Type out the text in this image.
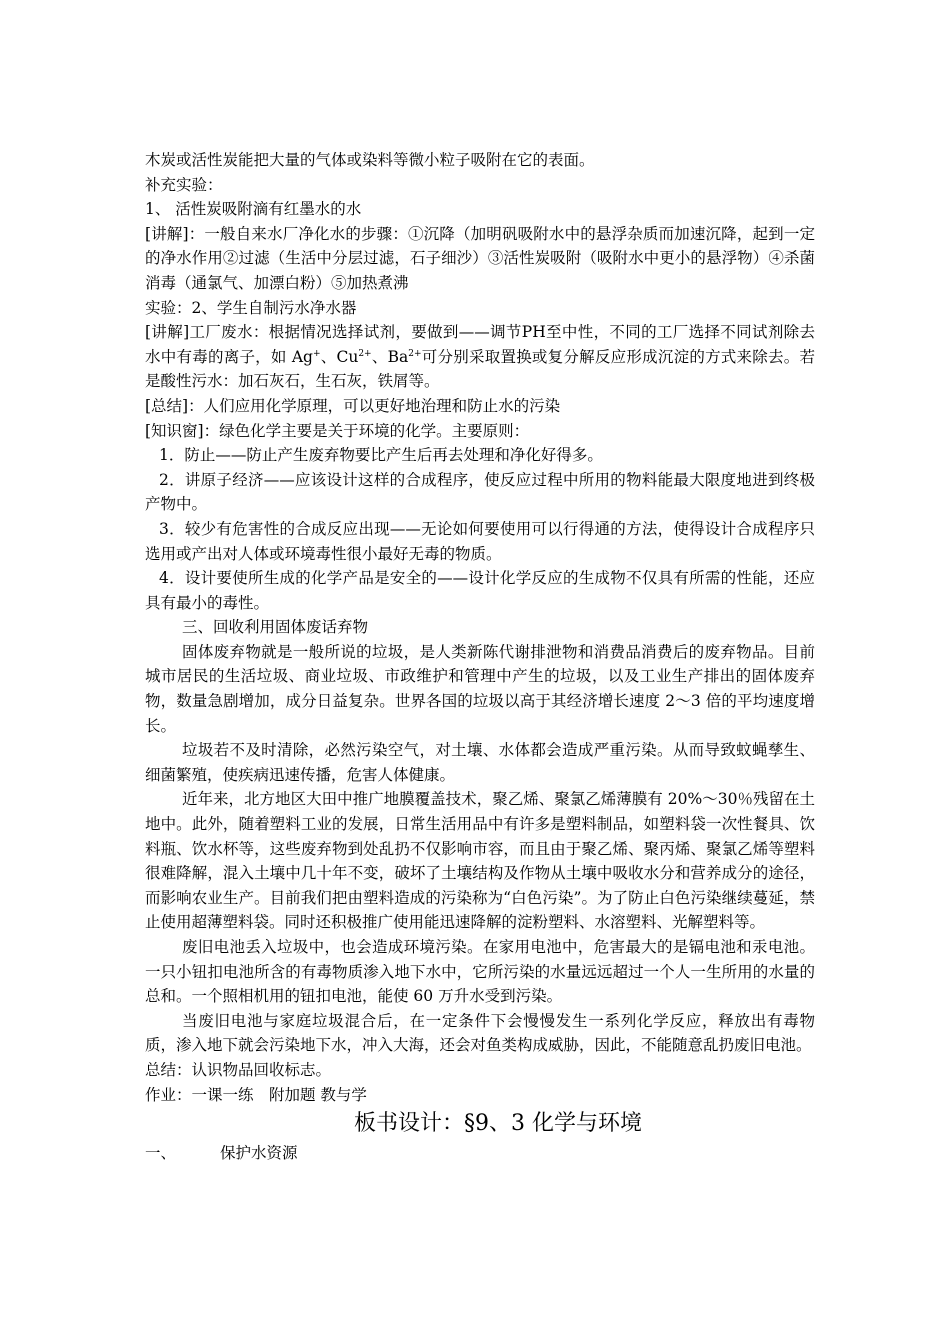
木炭或活性炭能把大量的气体或染料等微小粒子吸附在它的表面。

补充实验：

1、 活性炭吸附滴有红墨水的水

[讲解]：一般自来水厂净化水的步骤：①沉降（加明矾吸附水中的悬浮杂质而加速沉降，起到一定的净水作用②过滤（生活中分层过滤，石子细沙）③活性炭吸附（吸附水中更小的悬浮物）④杀菌消毒（通氯气、加漂白粉）⑤加热煮沸

实验：2、学生自制污水净水器

[讲解]工厂废水：根据情况选择试剂，要做到——调节PH至中性，不同的工厂选择不同试剂除去水中有毒的离子，如 Ag+、$Cu^{2+}$、$Ba^{2+}$可分别采取置换或复分解反应形成沉淀的方式来除去。若是酸性污水：加石灰石，生石灰，铁屑等。

[总结]：人们应用化学原理，可以更好地治理和防止水的污染

[知识窗]：绿色化学主要是关于环境的化学。主要原则：

1．防止——防止产生废弃物要比产生后再去处理和净化好得多。

2．讲原子经济——应该设计这样的合成程序，使反应过程中所用的物料能最大限度地进到终极产物中。

3．较少有危害性的合成反应出现——无论如何要使用可以行得通的方法，使得设计合成程序只选用或产出对人体或环境毒性很小最好无毒的物质。

4．设计要使所生成的化学产品是安全的——设计化学反应的生成物不仅具有所需的性能，还应具有最小的毒性。

三、回收利用固体废话弃物

固体废弃物就是一般所说的垃圾，是人类新陈代谢排泄物和消费品消费后的废弃物品。目前城市居民的生活垃圾、商业垃圾、市政维护和管理中产生的垃圾，以及工业生产排出的固体废弃物，数量急剧增加，成分日益复杂。世界各国的垃圾以高于其经济增长速度 2～3 倍的平均速度增长。

垃圾若不及时清除，必然污染空气，对土壤、水体都会造成严重污染。从而导致蚊蝇孳生、细菌繁殖，使疾病迅速传播，危害人体健康。

近年来，北方地区大田中推广地膜覆盖技术，聚乙烯、聚氯乙烯薄膜有 20%～30％残留在土地中。此外，随着塑料工业的发展，日常生活用品中有许多是塑料制品，如塑料袋一次性餐具、饮料瓶、饮水杯等，这些废弃物到处乱扔不仅影响市容，而且由于聚乙烯、聚丙烯、聚氯乙烯等塑料很难降解，混入土壤中几十年不变，破坏了土壤结构及作物从土壤中吸收水分和营养成分的途径，而影响农业生产。目前我们把由塑料造成的污染称为“白色污染”。为了防止白色污染继续蔓延，禁止使用超薄塑料袋。同时还积极推广使用能迅速降解的淀粉塑料、水溶塑料、光解塑料等。

废旧电池丢入垃圾中，也会造成环境污染。在家用电池中，危害最大的是镉电池和汞电池。一只小钮扣电池所含的有毒物质渗入地下水中，它所污染的水量远远超过一个人一生所用的水量的总和。一个照相机用的钮扣电池，能使 60 万升水受到污染。

当废旧电池与家庭垃圾混合后，在一定条件下会慢慢发生一系列化学反应，释放出有毒物质，渗入地下就会污染地下水，冲入大海，还会对鱼类构成威胁，因此，不能随意乱扔废旧电池。

总结：认识物品回收标志。

作业：一课一练　附加题 教与学

板书设计：§9、3 化学与环境

一、	保护水资源
